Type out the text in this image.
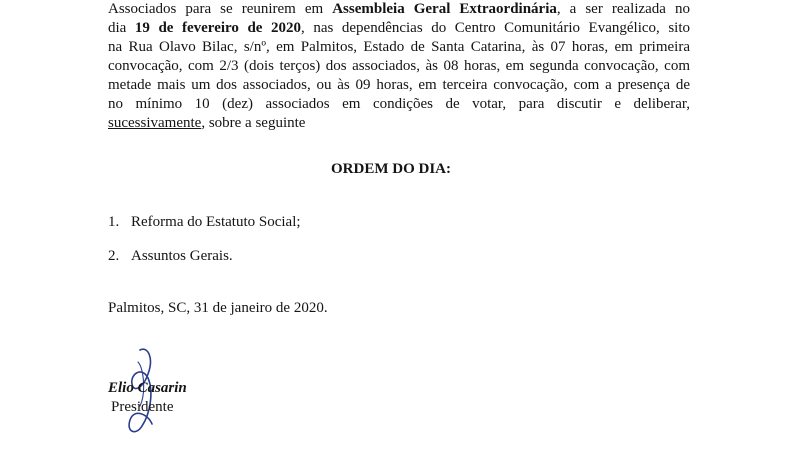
Associados para se reunirem em Assembleia Geral Extraordinária, a ser realizada no
dia 19 de fevereiro de 2020, nas dependências do Centro Comunitário Evangélico, sito
na Rua Olavo Bilac, s/nº, em Palmitos, Estado de Santa Catarina, às 07 horas, em primeira
convocação, com 2/3 (dois terços) dos associados, às 08 horas, em segunda convocação, com
metade mais um dos associados, ou às 09 horas, em terceira convocação, com a presença de
no mínimo 10 (dez) associados em condições de votar, para discutir e deliberar,
sucessivamente, sobre a seguinte
ORDEM DO DIA:
1. Reforma do Estatuto Social;
2. Assuntos Gerais.
Palmitos, SC, 31 de janeiro de 2020.
Elio Casarin
Presidente
